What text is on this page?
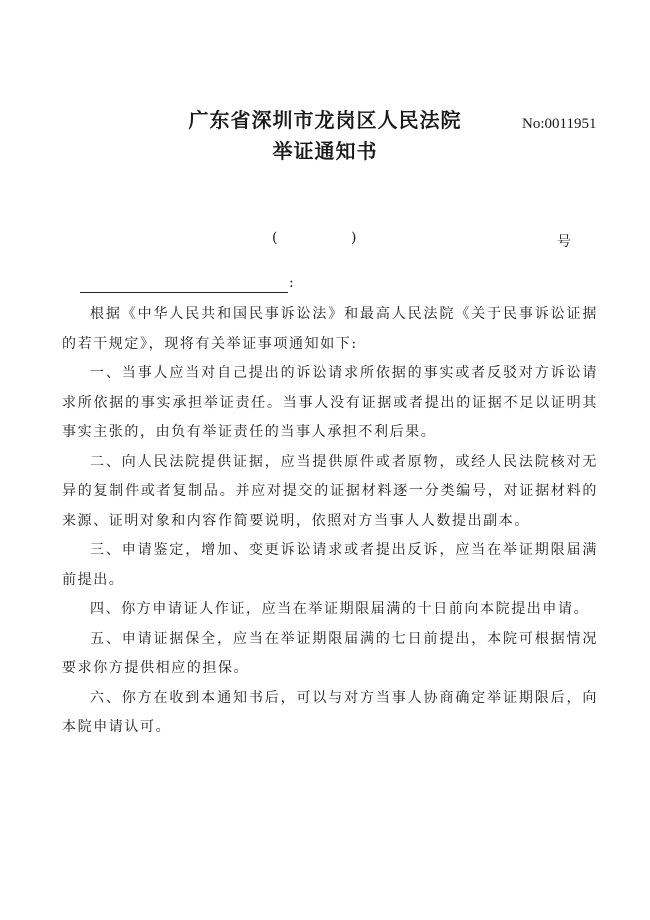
广东省深圳市龙岗区人民法院
举证通知书
No:0011951
(	)	号
:

根据《中华人民共和国民事诉讼法》和最高人民法院《关于民事诉讼证据的若干规定》，现将有关举证事项通知如下:

一、当事人应当对自己提出的诉讼请求所依据的事实或者反驳对方诉讼请求所依据的事实承担举证责任。当事人没有证据或者提出的证据不足以证明其事实主张的，由负有举证责任的当事人承担不利后果。

二、向人民法院提供证据，应当提供原件或者原物，或经人民法院核对无异的复制件或者复制品。并应对提交的证据材料逐一分类编号，对证据材料的来源、证明对象和内容作简要说明，依照对方当事人人数提出副本。

三、申请鉴定，增加、变更诉讼请求或者提出反诉，应当在举证期限届满前提出。

四、你方申请证人作证，应当在举证期限届满的十日前向本院提出申请。

五、申请证据保全，应当在举证期限届满的七日前提出，本院可根据情况要求你方提供相应的担保。

六、你方在收到本通知书后，可以与对方当事人协商确定举证期限后，向本院申请认可。
